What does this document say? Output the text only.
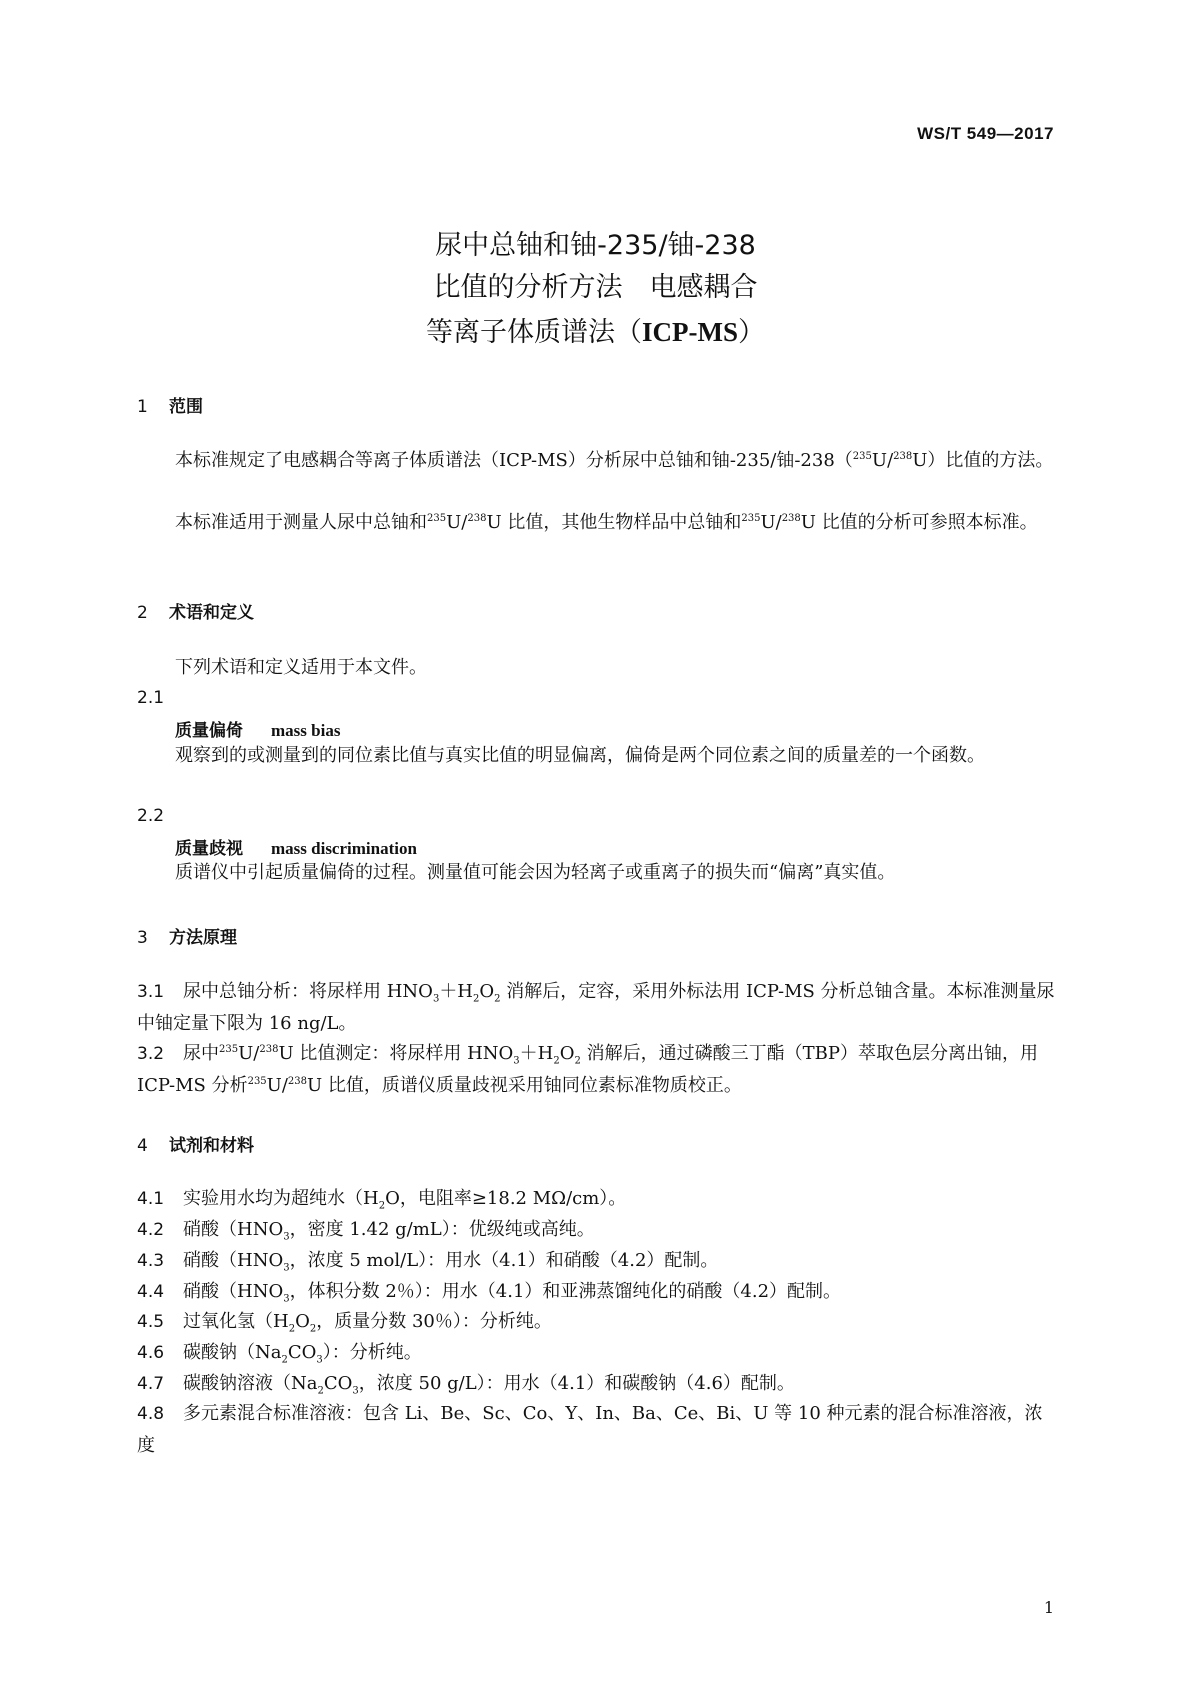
WS/T 549—2017
尿中总铀和铀-235/铀-238
比值的分析方法　电感耦合
等离子体质谱法（ICP-MS）
1 范围
本标准规定了电感耦合等离子体质谱法（ICP-MS）分析尿中总铀和铀-235/铀-238（$^{235}$U/$^{238}$U）比值的方法。
本标准适用于测量人尿中总铀和$^{235}$U/$^{238}$U 比值，其他生物样品中总铀和$^{235}$U/$^{238}$U 比值的分析可参照本标准。
2 术语和定义
下列术语和定义适用于本文件。
2.1
质量偏倚 mass bias
观察到的或测量到的同位素比值与真实比值的明显偏离，偏倚是两个同位素之间的质量差的一个函数。
2.2
质量歧视 mass discrimination
质谱仪中引起质量偏倚的过程。测量值可能会因为轻离子或重离子的损失而“偏离”真实值。
3 方法原理
3.1 尿中总铀分析：将尿样用 $HNO_3+H_2O_2$ 消解后，定容，采用外标法用 ICP-MS 分析总铀含量。本标准测量尿中铀定量下限为 16 ng/L。
3.2 尿中$^{235}$U/$^{238}$U 比值测定：将尿样用 $HNO_3+H_2O_2$ 消解后，通过磷酸三丁酯（TBP）萃取色层分离出铀，用 ICP-MS 分析$^{235}$U/$^{238}$U 比值，质谱仪质量歧视采用铀同位素标准物质校正。
4 试剂和材料
4.1 实验用水均为超纯水（$H_2O$，电阻率≥18.2 MΩ/cm）。
4.2 硝酸（$HNO_3$，密度 1.42 g/mL）：优级纯或高纯。
4.3 硝酸（$HNO_3$，浓度 5 mol/L）：用水（4.1）和硝酸（4.2）配制。
4.4 硝酸（$HNO_3$，体积分数 2％）：用水（4.1）和亚沸蒸馏纯化的硝酸（4.2）配制。
4.5 过氧化氢（$H_2O_2$，质量分数 30％）：分析纯。
4.6 碳酸钠$(Na_2CO_3)$：分析纯。
4.7 碳酸钠溶液（$Na_2CO_3$，浓度 50 g/L）：用水（4.1）和碳酸钠（4.6）配制。
4.8 多元素混合标准溶液：包含 Li、Be、Sc、Co、Y、In、Ba、Ce、Bi、U 等 10 种元素的混合标准溶液，浓度
1
